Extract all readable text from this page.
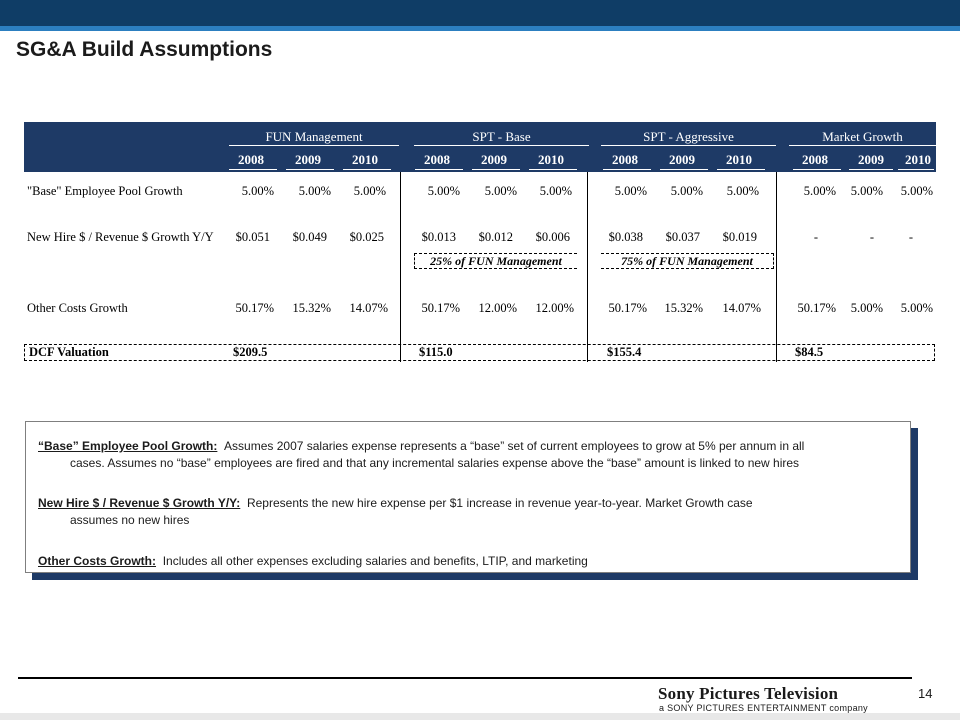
SG&A Build Assumptions
FUN Management	SPT - Base	SPT - Aggressive	Market Growth
2008	2009	2010	2008	2009	2010	2008	2009	2010	2008	2009	2010
"Base" Employee Pool Growth	5.00%	5.00%	5.00%	5.00%	5.00%	5.00%	5.00%	5.00%	5.00%	5.00%	5.00%	5.00%
New Hire $ / Revenue $ Growth Y/Y	$0.051	$0.049	$0.025	$0.013	$0.012	$0.006	$0.038	$0.037	$0.019	-	-	-
25% of FUN Management	75% of FUN Management
Other Costs Growth	50.17%	15.32%	14.07%	50.17%	12.00%	12.00%	50.17%	15.32%	14.07%	50.17%	5.00%	5.00%
DCF Valuation	$209.5	$115.0	$155.4	$84.5
“Base” Employee Pool Growth: Assumes 2007 salaries expense represents a “base” set of current employees to grow at 5% per annum in all
cases. Assumes no “base” employees are fired and that any incremental salaries expense above the “base” amount is linked to new hires
New Hire $ / Revenue $ Growth Y/Y: Represents the new hire expense per $1 increase in revenue year-to-year. Market Growth case
assumes no new hires
Other Costs Growth: Includes all other expenses excluding salaries and benefits, LTIP, and marketing
Sony Pictures Television
a SONY PICTURES ENTERTAINMENT company
14
